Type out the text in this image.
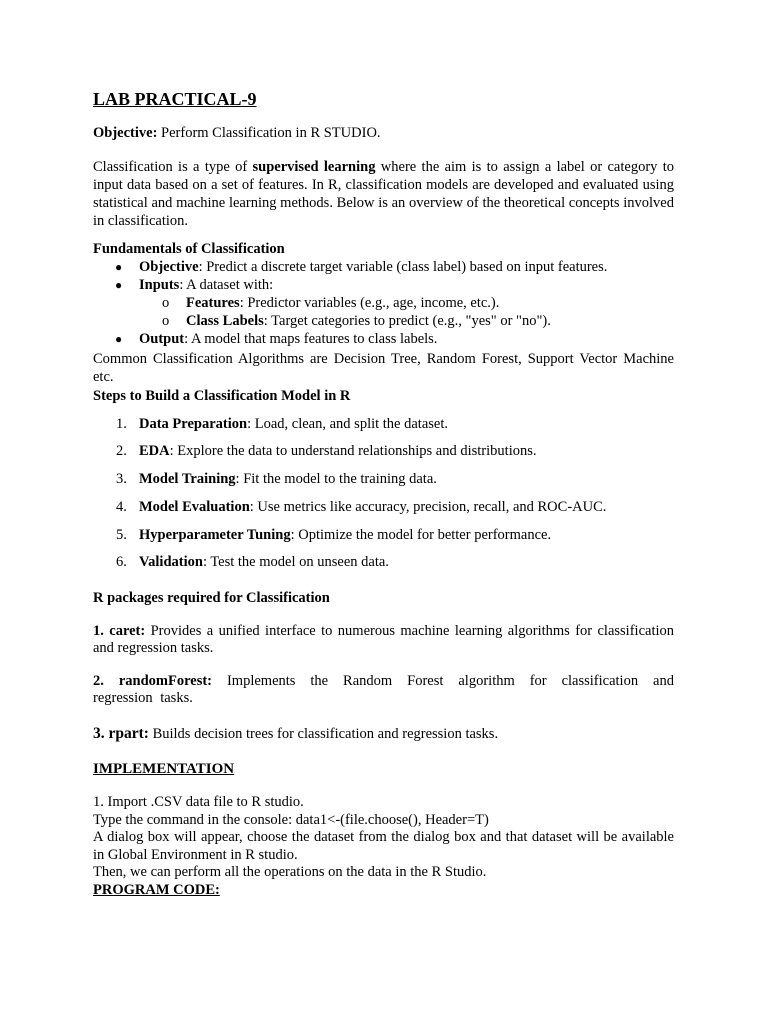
LAB PRACTICAL-9
Objective: Perform Classification in R STUDIO.
Classification is a type of supervised learning where the aim is to assign a label or category to input data based on a set of features. In R, classification models are developed and evaluated using statistical and machine learning methods. Below is an overview of the theoretical concepts involved in classification.
Fundamentals of Classification
● Objective: Predict a discrete target variable (class label) based on input features.
● Inputs: A dataset with:
o Features: Predictor variables (e.g., age, income, etc.).
o Class Labels: Target categories to predict (e.g., "yes" or "no").
● Output: A model that maps features to class labels.
Common Classification Algorithms are Decision Tree, Random Forest, Support Vector Machine etc.
Steps to Build a Classification Model in R
1. Data Preparation: Load, clean, and split the dataset.
2. EDA: Explore the data to understand relationships and distributions.
3. Model Training: Fit the model to the training data.
4. Model Evaluation: Use metrics like accuracy, precision, recall, and ROC-AUC.
5. Hyperparameter Tuning: Optimize the model for better performance.
6. Validation: Test the model on unseen data.
R packages required for Classification
1. caret: Provides a unified interface to numerous machine learning algorithms for classification and regression tasks.
2. randomForest: Implements the Random Forest algorithm for classification and regression tasks.
3. rpart: Builds decision trees for classification and regression tasks.
IMPLEMENTATION
1. Import .CSV data file to R studio.
Type the command in the console: data1<-(file.choose(), Header=T)
A dialog box will appear, choose the dataset from the dialog box and that dataset will be available in Global Environment in R studio.
Then, we can perform all the operations on the data in the R Studio.
PROGRAM CODE:
